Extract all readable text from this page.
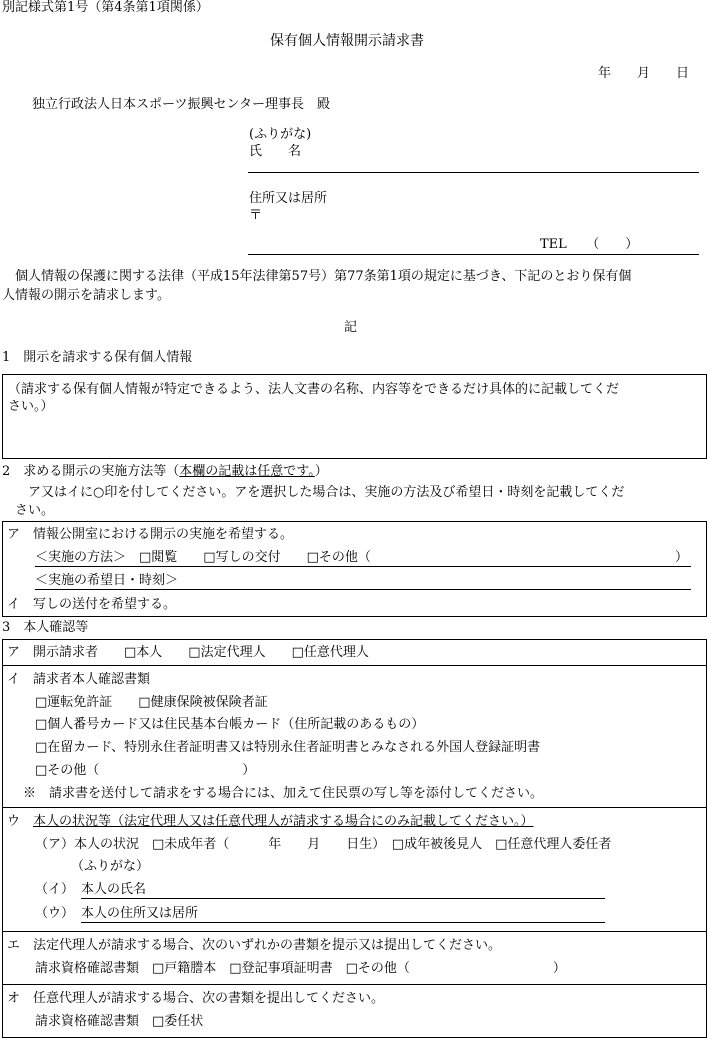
別記様式第1号（第4条第1項関係）
保有個人情報開示請求書
年　　月　　日
独立行政法人日本スポーツ振興センター理事長　殿
(ふりがな)
氏　　名
住所又は居所
〒
TEL　　（　　）
　個人情報の保護に関する法律（平成15年法律第57号）第77条第1項の規定に基づき、下記のとおり保有個
人情報の開示を請求します。
記
1　開示を請求する保有個人情報
（請求する保有個人情報が特定できるよう、法人文書の名称、内容等をできるだけ具体的に記載してくだ
さい。）
2　求める開示の実施方法等（本欄の記載は任意です。）
　　ア又はイに○印を付してください。アを選択した場合は、実施の方法及び希望日・時刻を記載してくだ
　さい。
ア　情報公開室における開示の実施を希望する。
＜実施の方法＞　□閲覧　　□写しの交付　　□その他（	）
＜実施の希望日・時刻＞
イ　写しの送付を希望する。
3　本人確認等
ア　開示請求者　　□本人　　□法定代理人　　□任意代理人
イ　請求者本人確認書類
□運転免許証　　□健康保険被保険者証
□個人番号カード又は住民基本台帳カード（住所記載のあるもの）
□在留カード、特別永住者証明書又は特別永住者証明書とみなされる外国人登録証明書
□その他（　　　　　　　　　　　）
※　請求書を送付して請求をする場合には、加えて住民票の写し等を添付してください。
ウ　本人の状況等（法定代理人又は任意代理人が請求する場合にのみ記載してください。）
（ア）本人の状況　□未成年者（　　　年　　月　　日生）　□成年被後見人　□任意代理人委任者
（ふりがな）
（イ） 本人の氏名
（ウ） 本人の住所又は居所
エ　法定代理人が請求する場合、次のいずれかの書類を提示又は提出してください。
請求資格確認書類　□戸籍謄本　□登記事項証明書　□その他（　　　　　　　　　　　）
オ　任意代理人が請求する場合、次の書類を提出してください。
請求資格確認書類　□委任状
